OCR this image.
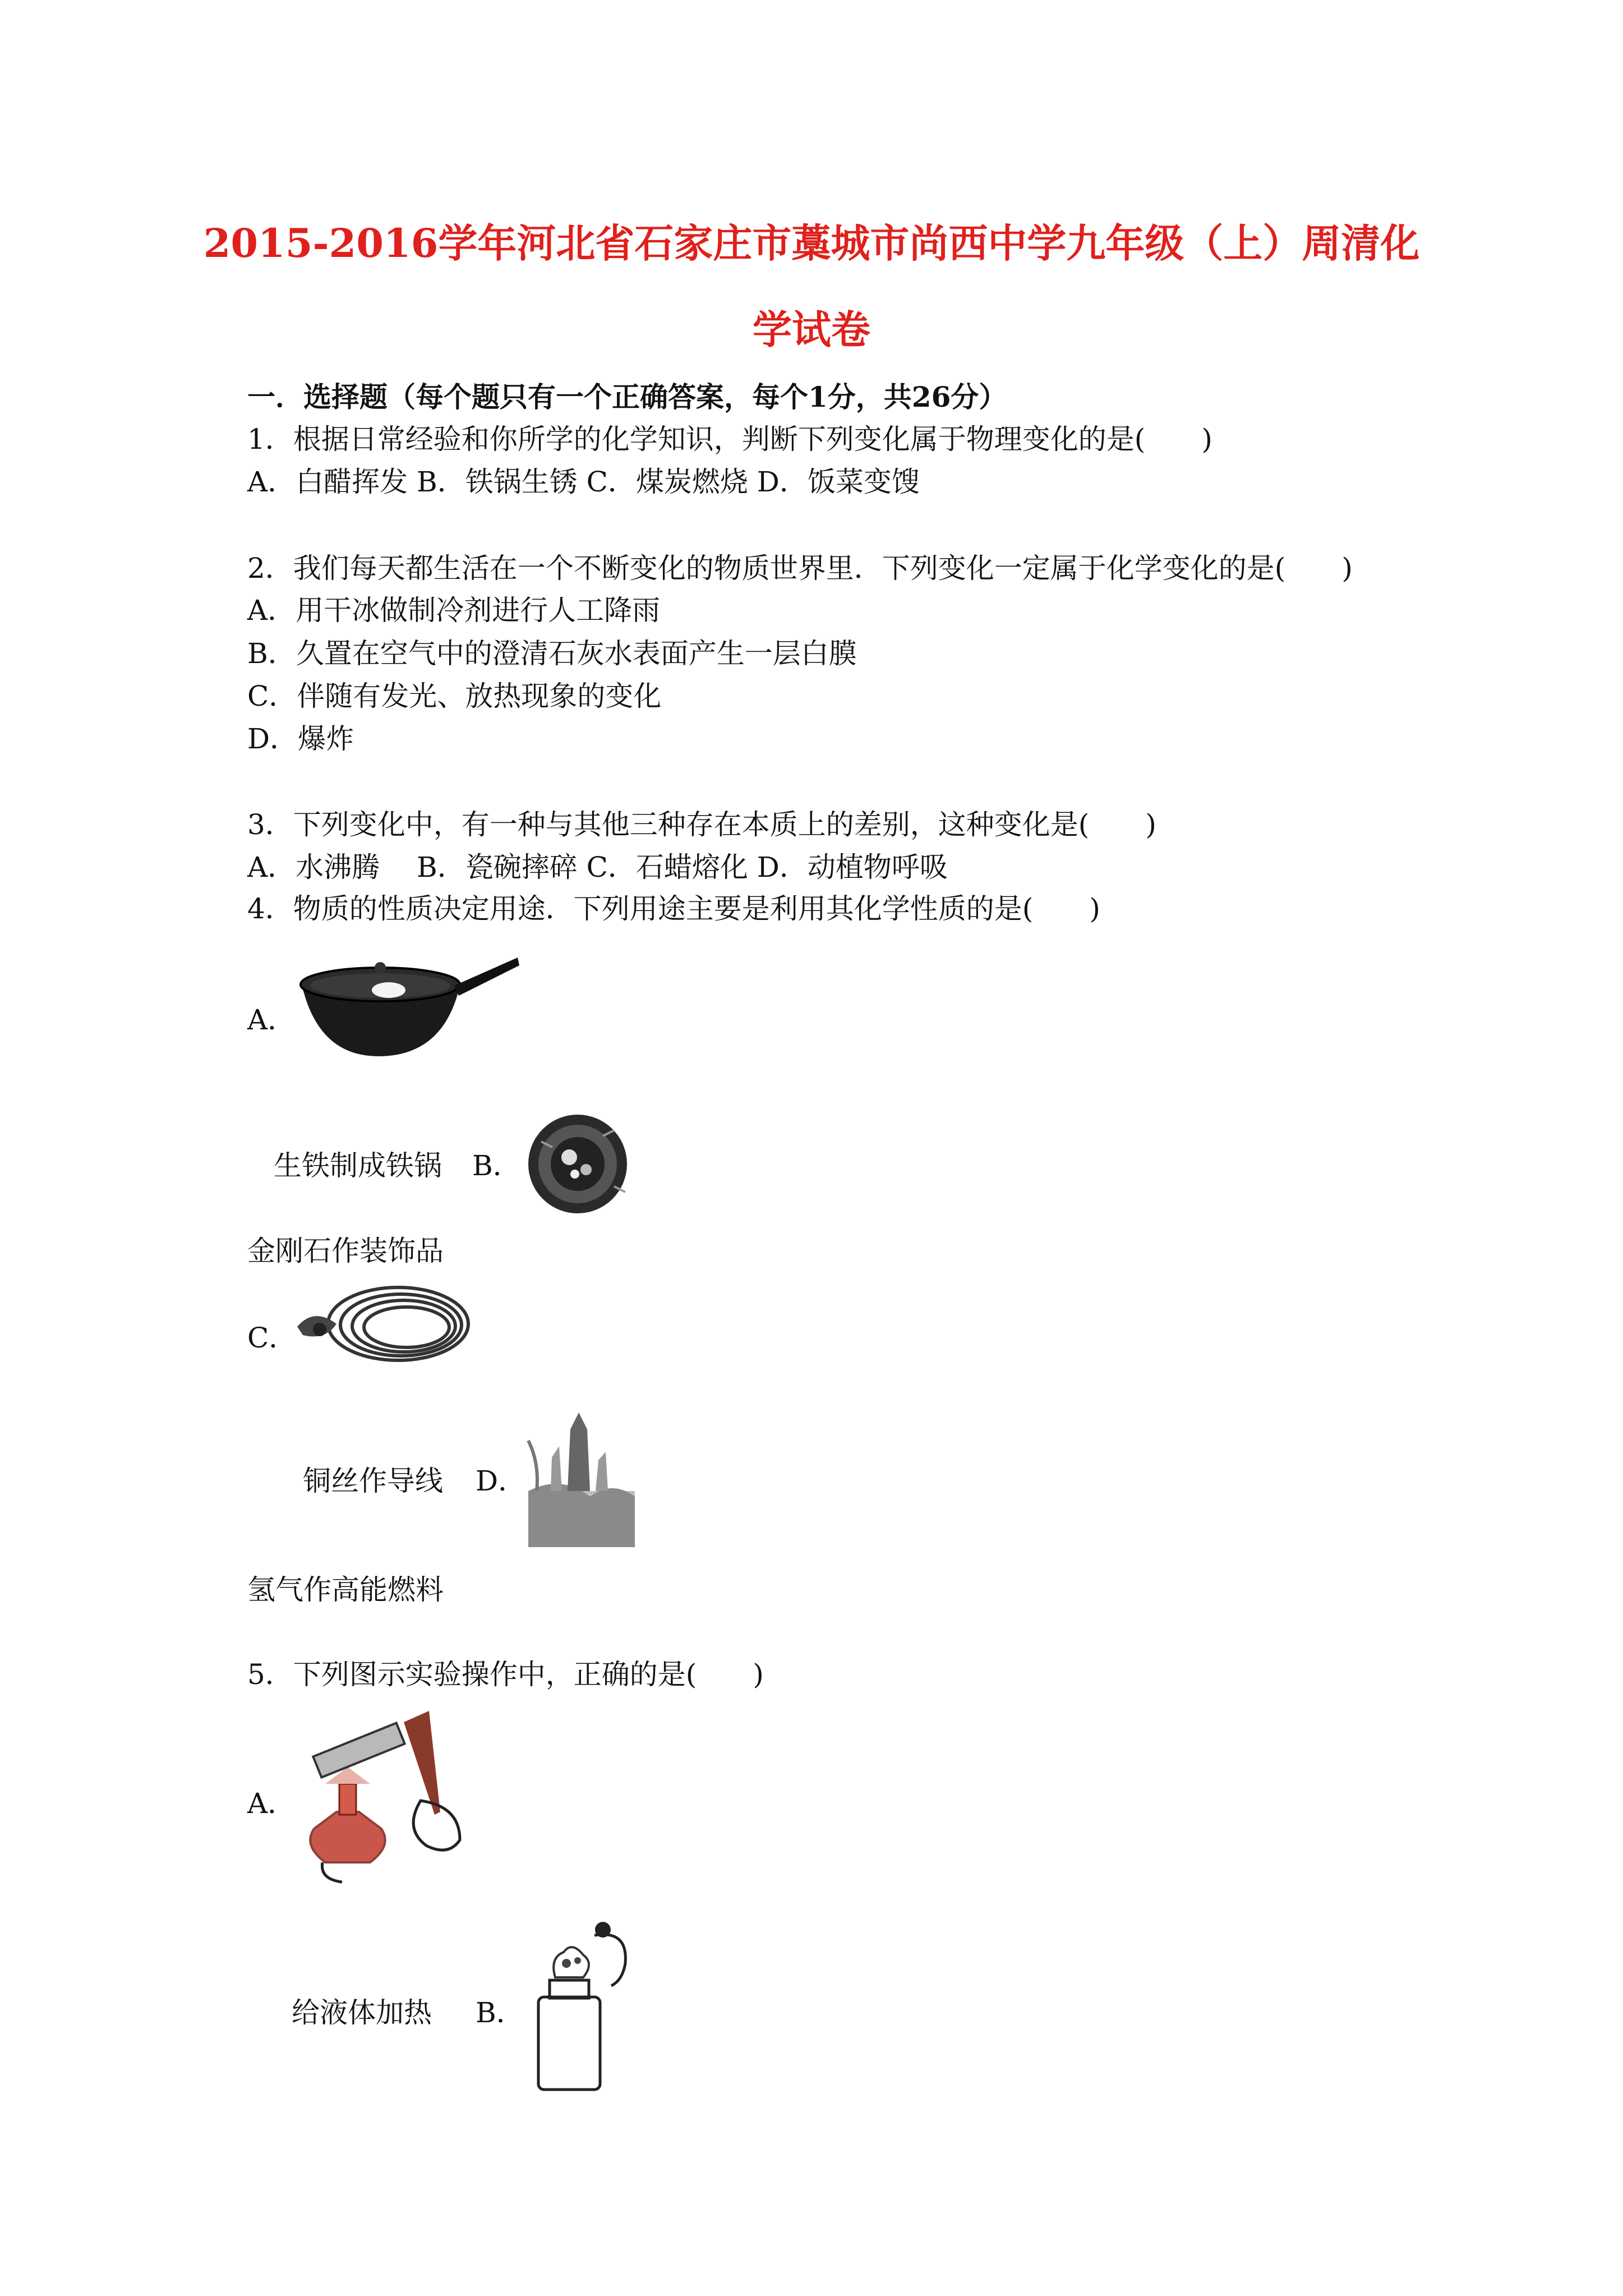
2015-2016学年河北省石家庄市藁城市尚西中学九年级（上）周清化
学试卷
一．选择题（每个题只有一个正确答案，每个1分，共26分）
1．根据日常经验和你所学的化学知识，判断下列变化属于物理变化的是(　　)
A．白醋挥发 B．铁锅生锈 C．煤炭燃烧 D．饭菜变馊
2．我们每天都生活在一个不断变化的物质世界里．下列变化一定属于化学变化的是(　　)
A．用干冰做制冷剂进行人工降雨
B．久置在空气中的澄清石灰水表面产生一层白膜
C．伴随有发光、放热现象的变化
D．爆炸
3．下列变化中，有一种与其他三种存在本质上的差别，这种变化是(　　)
A．水沸腾　 B．瓷碗摔碎 C．石蜡熔化 D．动植物呼吸
4．物质的性质决定用途．下列用途主要是利用其化学性质的是(　　)
A．
生铁制成铁锅 B．
金刚石作装饰品
C．
铜丝作导线 D．
氢气作高能燃料
5．下列图示实验操作中，正确的是(　　)
A．
给液体加热 B．
